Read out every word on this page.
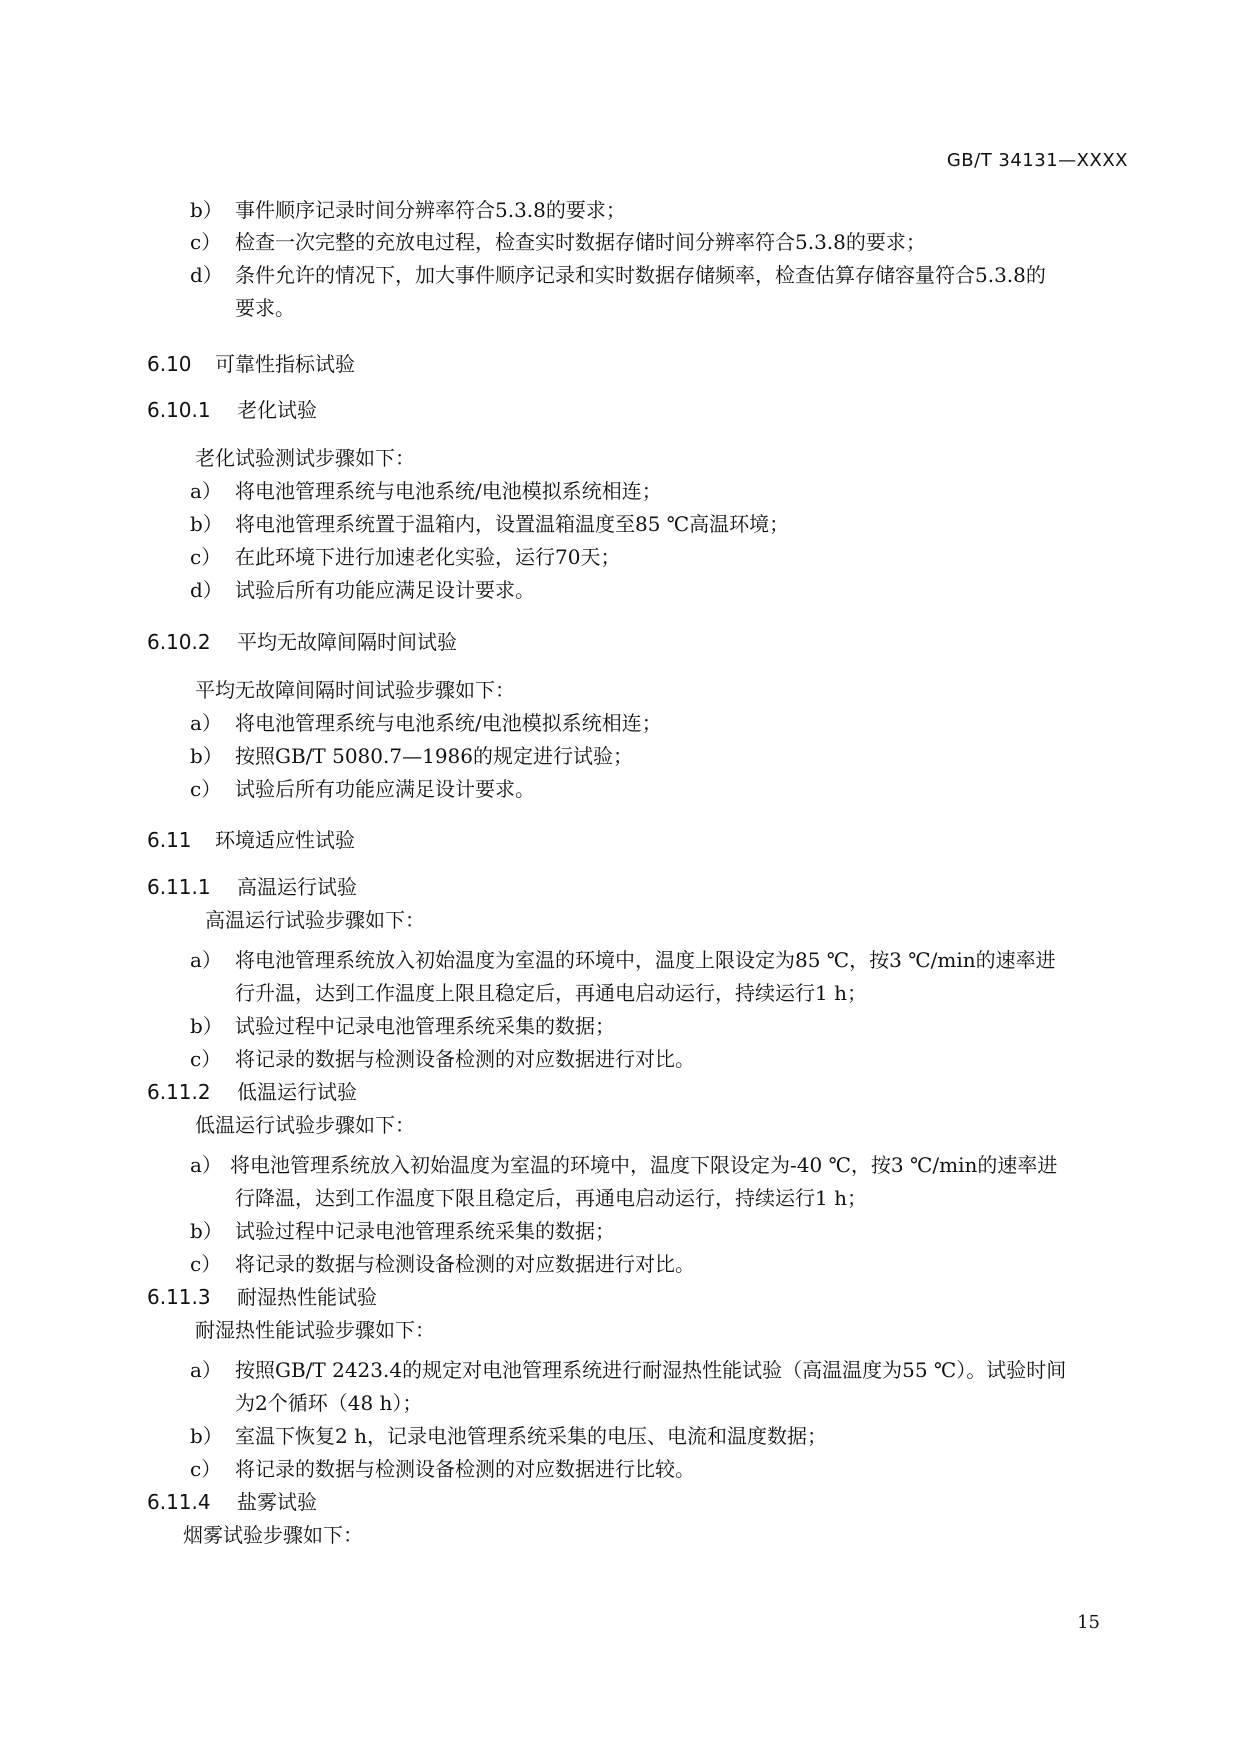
GB/T 34131—XXXX
b） 事件顺序记录时间分辨率符合5.3.8的要求；
c） 检查一次完整的充放电过程，检查实时数据存储时间分辨率符合5.3.8的要求；
d） 条件允许的情况下，加大事件顺序记录和实时数据存储频率，检查估算存储容量符合5.3.8的
要求。
6.10 可靠性指标试验
6.10.1 老化试验
老化试验测试步骤如下：
a） 将电池管理系统与电池系统/电池模拟系统相连；
b） 将电池管理系统置于温箱内，设置温箱温度至85 ℃高温环境；
c） 在此环境下进行加速老化实验，运行70天；
d） 试验后所有功能应满足设计要求。
6.10.2 平均无故障间隔时间试验
平均无故障间隔时间试验步骤如下：
a） 将电池管理系统与电池系统/电池模拟系统相连；
b） 按照GB/T 5080.7—1986的规定进行试验；
c） 试验后所有功能应满足设计要求。
6.11 环境适应性试验
6.11.1 高温运行试验
高温运行试验步骤如下：
a） 将电池管理系统放入初始温度为室温的环境中，温度上限设定为85 ℃，按3 ℃/min的速率进
行升温，达到工作温度上限且稳定后，再通电启动运行，持续运行1 h；
b） 试验过程中记录电池管理系统采集的数据；
c） 将记录的数据与检测设备检测的对应数据进行对比。
6.11.2 低温运行试验
低温运行试验步骤如下：
a） 将电池管理系统放入初始温度为室温的环境中，温度下限设定为-40 ℃，按3 ℃/min的速率进
行降温，达到工作温度下限且稳定后，再通电启动运行，持续运行1 h；
b） 试验过程中记录电池管理系统采集的数据；
c） 将记录的数据与检测设备检测的对应数据进行对比。
6.11.3 耐湿热性能试验
耐湿热性能试验步骤如下：
a） 按照GB/T 2423.4的规定对电池管理系统进行耐湿热性能试验（高温温度为55 ℃）。试验时间
为2个循环（48 h）；
b） 室温下恢复2 h，记录电池管理系统采集的电压、电流和温度数据；
c） 将记录的数据与检测设备检测的对应数据进行比较。
6.11.4 盐雾试验
烟雾试验步骤如下：
15
